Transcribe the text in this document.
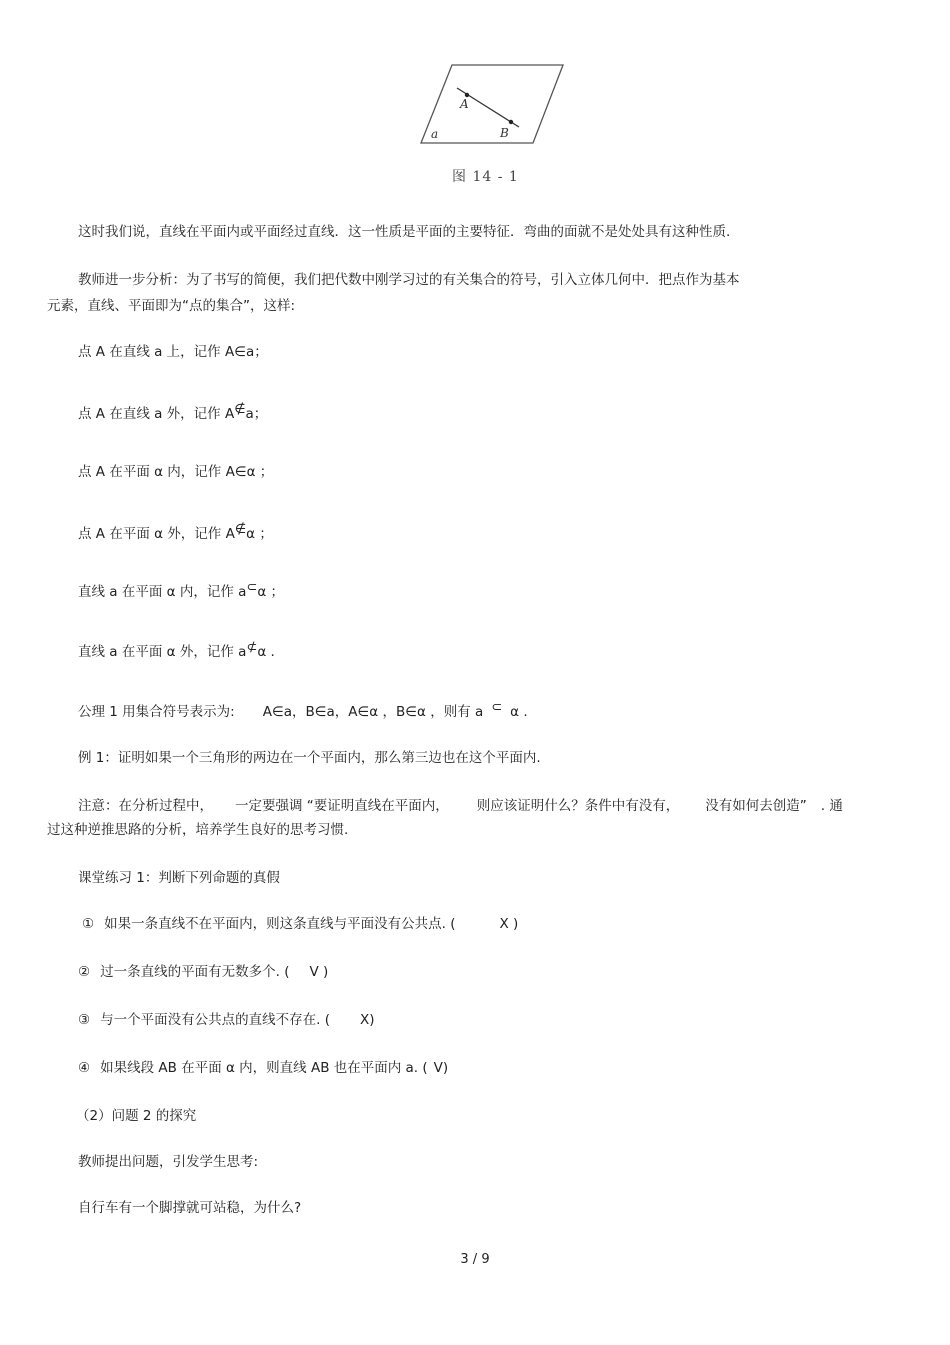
A
B
a
图 14 - 1
这时我们说，直线在平面内或平面经过直线．这一性质是平面的主要特征．弯曲的面就不是处处具有这种性质.
教师进一步分析：为了书写的简便，我们把代数中刚学习过的有关集合的符号，引入立体几何中．把点作为基本
元素，直线、平面即为“点的集合”，这样:
点 A 在直线 a 上，记作 A∈a；
点 A 在直线 a 外，记作 A∉a；
点 A 在平面 α 内，记作 A∈α ；
点 A 在平面 α 外，记作 A∉α ；
直线 a 在平面 α 内，记作 a⊂α ；
直线 a 在平面 α 外，记作 a⊄α .
公理 1 用集合符号表示为: A∈a，B∈a，A∈α ，B∈α ，则有 a ⊂ α .
例 1：证明如果一个三角形的两边在一个平面内，那么第三边也在这个平面内.
注意：在分析过程中， 一定要强调 “要证明直线在平面内， 则应该证明什么？条件中有没有， 没有如何去创造” . 通
过这种逆推思路的分析，培养学生良好的思考习惯.
课堂练习 1：判断下列命题的真假
① 如果一条直线不在平面内，则这条直线与平面没有公共点. (	X )
② 过一条直线的平面有无数多个. ( V )
③ 与一个平面没有公共点的直线不存在. ( X)
④ 如果线段 AB 在平面 α 内，则直线 AB 也在平面内 a. ( V)
（2）问题 2 的探究
教师提出问题，引发学生思考:
自行车有一个脚撑就可站稳，为什么?
3 / 9
